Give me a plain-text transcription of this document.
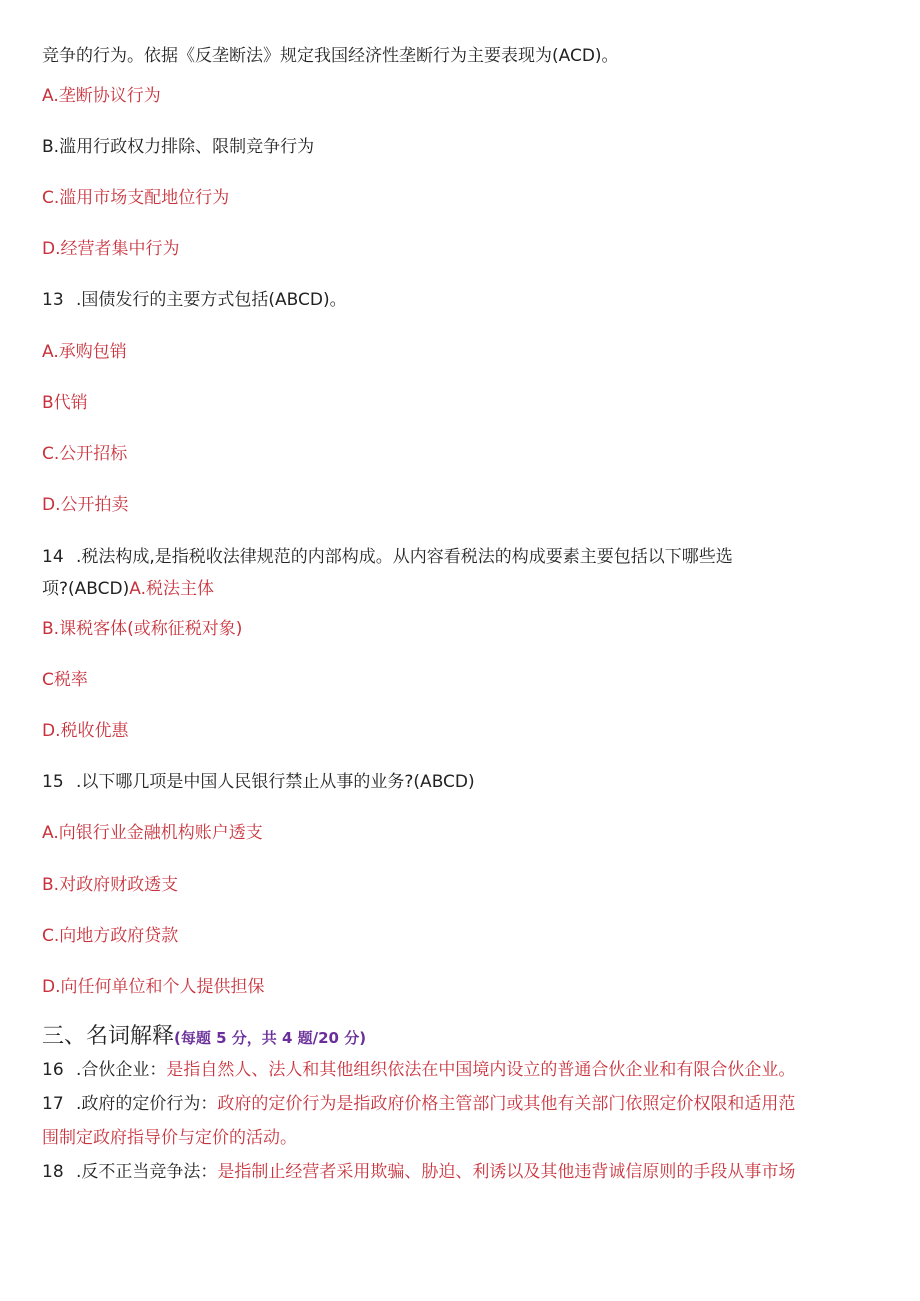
竞争的行为。依据《反垄断法》规定我国经济性垄断行为主要表现为(ACD)。
A.垄断协议行为
B.滥用行政权力排除、限制竞争行为
C.滥用市场支配地位行为
D.经营者集中行为
13 .国债发行的主要方式包括(ABCD)。
A.承购包销
B代销
C.公开招标
D.公开拍卖
14 .税法构成,是指税收法律规范的内部构成。从内容看税法的构成要素主要包括以下哪些选
项?(ABCD)A.税法主体
B.课税客体(或称征税对象)
C税率
D.税收优惠
15 .以下哪几项是中国人民银行禁止从事的业务?(ABCD)
A.向银行业金融机构账户透支
B.对政府财政透支
C.向地方政府贷款
D.向任何单位和个人提供担保
三、名词解释(每题 5 分，共 4 题/20 分)
16 .合伙企业：是指自然人、法人和其他组织依法在中国境内设立的普通合伙企业和有限合伙企业。
17 .政府的定价行为：政府的定价行为是指政府价格主管部门或其他有关部门依照定价权限和适用范
围制定政府指导价与定价的活动。
18 .反不正当竞争法：是指制止经营者采用欺骗、胁迫、利诱以及其他违背诚信原则的手段从事市场
